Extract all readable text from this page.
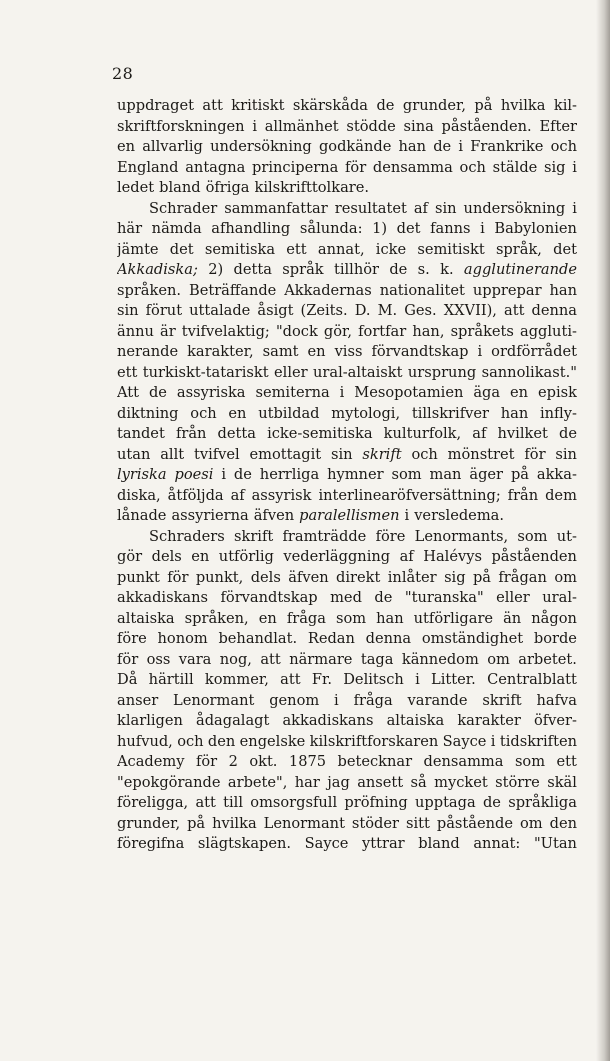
28
uppdraget att kritiskt skärskåda de grunder, på hvilka kil-
skriftforskningen i allmänhet stödde sina påståenden. Efter
en allvarlig undersökning godkände han de i Frankrike och
England antagna principerna för densamma och stälde sig i
ledet bland öfriga kilskrifttolkare.
Schrader sammanfattar resultatet af sin undersökning i
här nämda afhandling sålunda: 1) det fanns i Babylonien
jämte det semitiska ett annat, icke semitiskt språk, det
Akkadiska; 2) detta språk tillhör de s. k. agglutinerande
språken. Beträffande Akkadernas nationalitet upprepar han
sin förut uttalade åsigt (Zeits. D. M. Ges. XXVII), att denna
ännu är tvifvelaktig; "dock gör, fortfar han, språkets aggluti-
nerande karakter, samt en viss förvandtskap i ordförrådet
ett turkiskt-tatariskt eller ural-altaiskt ursprung sannolikast."
Att de assyriska semiterna i Mesopotamien äga en episk
diktning och en utbildad mytologi, tillskrifver han infly-
tandet från detta icke-semitiska kulturfolk, af hvilket de
utan allt tvifvel emottagit sin skrift och mönstret för sin
lyriska poesi i de herrliga hymner som man äger på akka-
diska, åtföljda af assyrisk interlinearöfversättning; från dem
lånade assyrierna äfven paralellismen i versledema.
Schraders skrift framträdde före Lenormants, som ut-
gör dels en utförlig vederläggning af Halévys påståenden
punkt för punkt, dels äfven direkt inlåter sig på frågan om
akkadiskans förvandtskap med de "turanska" eller ural-
altaiska språken, en fråga som han utförligare än någon
före honom behandlat. Redan denna omständighet borde
för oss vara nog, att närmare taga kännedom om arbetet.
Då härtill kommer, att Fr. Delitsch i Litter. Centralblatt
anser Lenormant genom i fråga varande skrift hafva
klarligen ådagalagt akkadiskans altaiska karakter öfver-
hufvud, och den engelske kilskriftforskaren Sayce i tidskriften
Academy för 2 okt. 1875 betecknar densamma som ett
"epokgörande arbete", har jag ansett så mycket större skäl
föreligga, att till omsorgsfull pröfning upptaga de språkliga
grunder, på hvilka Lenormant stöder sitt påstående om den
föregifna slägtskapen. Sayce yttrar bland annat: "Utan
